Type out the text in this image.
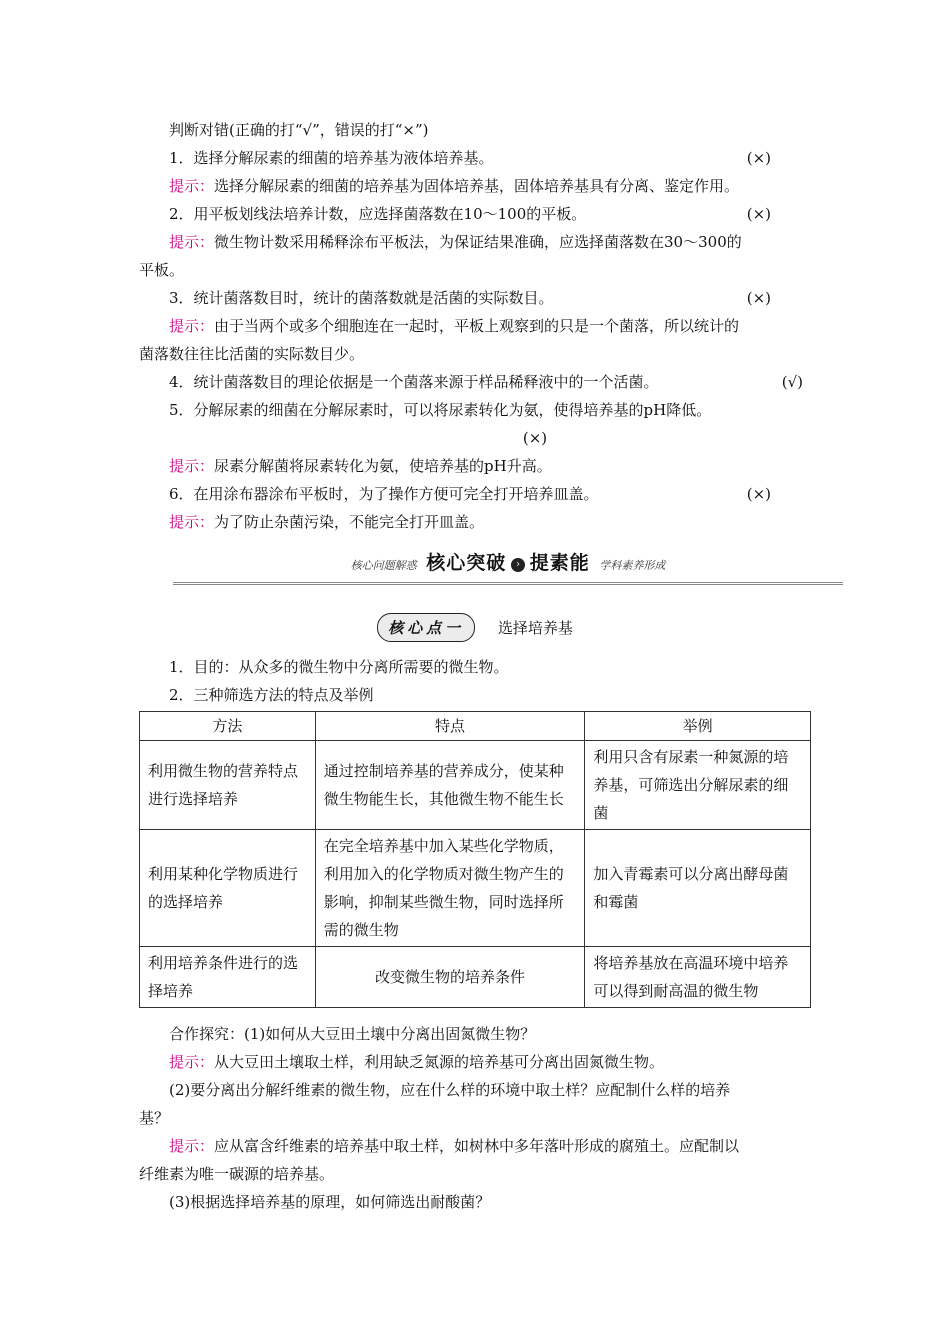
判断对错(正确的打“√”，错误的打“×”)
1．选择分解尿素的细菌的培养基为液体培养基。	(×)
提示：选择分解尿素的细菌的培养基为固体培养基，固体培养基具有分离、鉴定作用。
2．用平板划线法培养计数，应选择菌落数在10～100的平板。	(×)
提示：微生物计数采用稀释涂布平板法，为保证结果准确，应选择菌落数在30～300的
平板。
3．统计菌落数目时，统计的菌落数就是活菌的实际数目。	(×)
提示：由于当两个或多个细胞连在一起时，平板上观察到的只是一个菌落，所以统计的
菌落数往往比活菌的实际数目少。
4．统计菌落数目的理论依据是一个菌落来源于样品稀释液中的一个活菌。	(√)
5．分解尿素的细菌在分解尿素时，可以将尿素转化为氨，使得培养基的pH降低。
(×)
提示：尿素分解菌将尿素转化为氨，使培养基的pH升高。
6．在用涂布器涂布平板时，为了操作方便可完全打开培养皿盖。	(×)
提示：为了防止杂菌污染，不能完全打开皿盖。
核心问题解惑 核心突破 › 提素能 学科素养形成
核心点一 选择培养基
1．目的：从众多的微生物中分离所需要的微生物。
2．三种筛选方法的特点及举例
方法	特点	举例
利用微生物的营养特点进行选择培养	通过控制培养基的营养成分，使某种微生物能生长，其他微生物不能生长	利用只含有尿素一种氮源的培养基，可筛选出分解尿素的细菌
利用某种化学物质进行的选择培养	在完全培养基中加入某些化学物质，利用加入的化学物质对微生物产生的影响，抑制某些微生物，同时选择所需的微生物	加入青霉素可以分离出酵母菌和霉菌
利用培养条件进行的选择培养	改变微生物的培养条件	将培养基放在高温环境中培养可以得到耐高温的微生物
合作探究：(1)如何从大豆田土壤中分离出固氮微生物？
提示：从大豆田土壤取土样，利用缺乏氮源的培养基可分离出固氮微生物。
(2)要分离出分解纤维素的微生物，应在什么样的环境中取土样？应配制什么样的培养
基？
提示：应从富含纤维素的培养基中取土样，如树林中多年落叶形成的腐殖土。应配制以
纤维素为唯一碳源的培养基。
(3)根据选择培养基的原理，如何筛选出耐酸菌？
